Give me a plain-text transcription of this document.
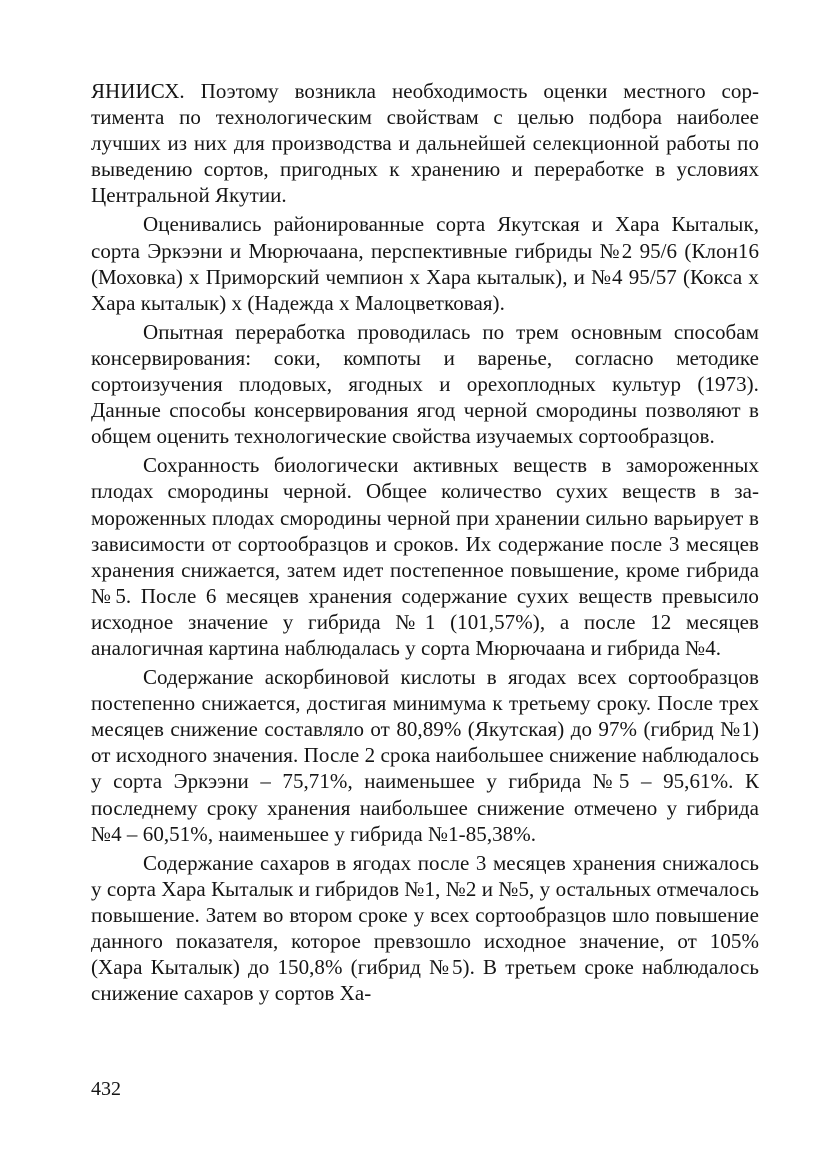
ЯНИИСХ. Поэтому возникла необходимость оценки местного сортимента по технологическим свойствам с целью подбора наиболее лучших из них для производства и дальнейшей селекционной работы по выведению сортов, пригодных к хранению и переработке в условиях Центральной Якутии.

Оценивались районированные сорта Якутская и Хара Кыталык, сорта Эркээни и Мюрючаана, перспективные гибриды №2 95/6 (Клон16 (Моховка) х Приморский чемпион х Хара кыталык), и №4 95/57 (Кокса х Хара кыталык) х (Надежда х Малоцветковая).

Опытная переработка проводилась по трем основным способам консервирования: соки, компоты и варенье, согласно методике сортоизучения плодовых, ягодных и орехоплодных культур (1973). Данные способы консервирования ягод черной смородины позволяют в общем оценить технологические свойства изучаемых сортообразцов.

Сохранность биологически активных веществ в замороженных плодах смородины черной. Общее количество сухих веществ в замороженных плодах смородины черной при хранении сильно варьирует в зависимости от сортообразцов и сроков. Их содержание после 3 месяцев хранения снижается, затем идет постепенное повышение, кроме гибрида №5. После 6 месяцев хранения содержание сухих веществ превысило исходное значение у гибрида №1 (101,57%), а после 12 месяцев аналогичная картина наблюдалась у сорта Мюрючаана и гибрида №4.

Содержание аскорбиновой кислоты в ягодах всех сортообразцов постепенно снижается, достигая минимума к третьему сроку. После трех месяцев снижение составляло от 80,89% (Якутская) до 97% (гибрид №1) от исходного значения. После 2 срока наибольшее снижение наблюдалось у сорта Эркээни – 75,71%, наименьшее у гибрида №5 – 95,61%. К последнему сроку хранения наибольшее снижение отмечено у гибрида №4 – 60,51%, наименьшее у гибрида №1-85,38%.

Содержание сахаров в ягодах после 3 месяцев хранения снижалось у сорта Хара Кыталык и гибридов №1, №2 и №5, у остальных отмечалось повышение. Затем во втором сроке у всех сортообразцов шло повышение данного показателя, которое превзошло исходное значение, от 105% (Хара Кыталык) до 150,8% (гибрид №5). В третьем сроке наблюдалось снижение сахаров у сортов Ха-

432
